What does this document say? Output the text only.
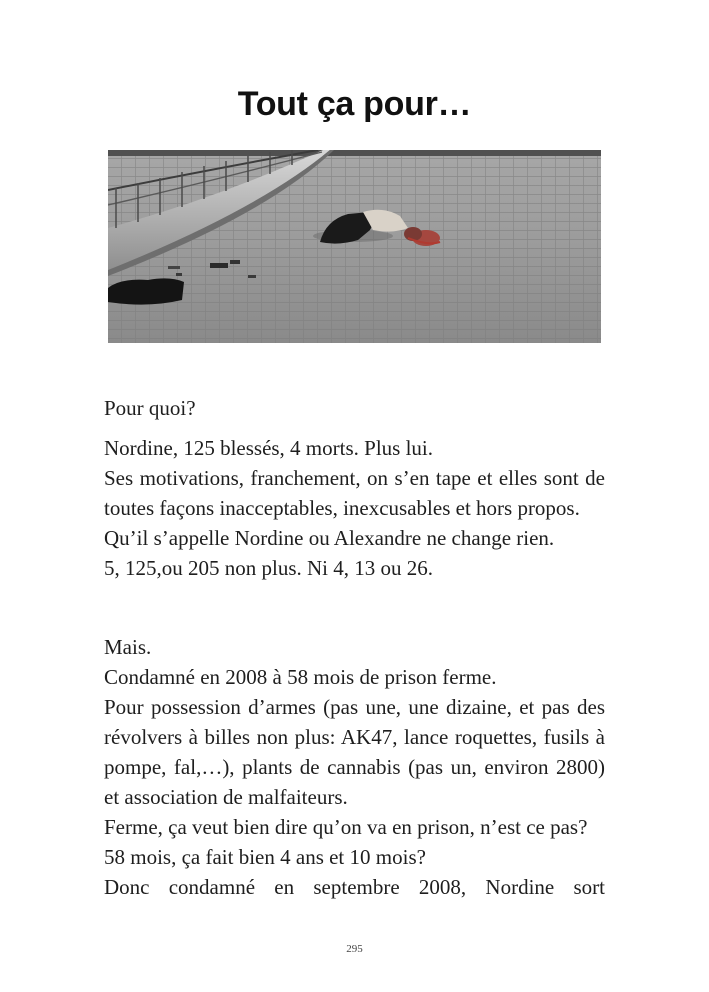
Tout ça pour…

Pour quoi?

Nordine, 125 blessés, 4 morts. Plus lui.

Ses motivations, franchement, on s’en tape et elles sont de toutes façons inacceptables, inexcusables et hors propos.

Qu’il s’appelle Nordine ou Alexandre ne change rien.

5, 125,ou 205 non plus. Ni 4, 13 ou 26.

Mais.

Condamné en 2008 à 58 mois de prison ferme.

Pour possession d’armes (pas une, une dizaine, et pas des révolvers à billes non plus: AK47, lance roquettes, fusils à pompe, fal,…), plants de cannabis (pas un, environ 2800) et association de malfaiteurs.

Ferme, ça veut bien dire qu’on va en prison, n’est ce pas?

58 mois, ça fait bien 4 ans et 10 mois?

Donc condamné en septembre 2008, Nordine sort

295
